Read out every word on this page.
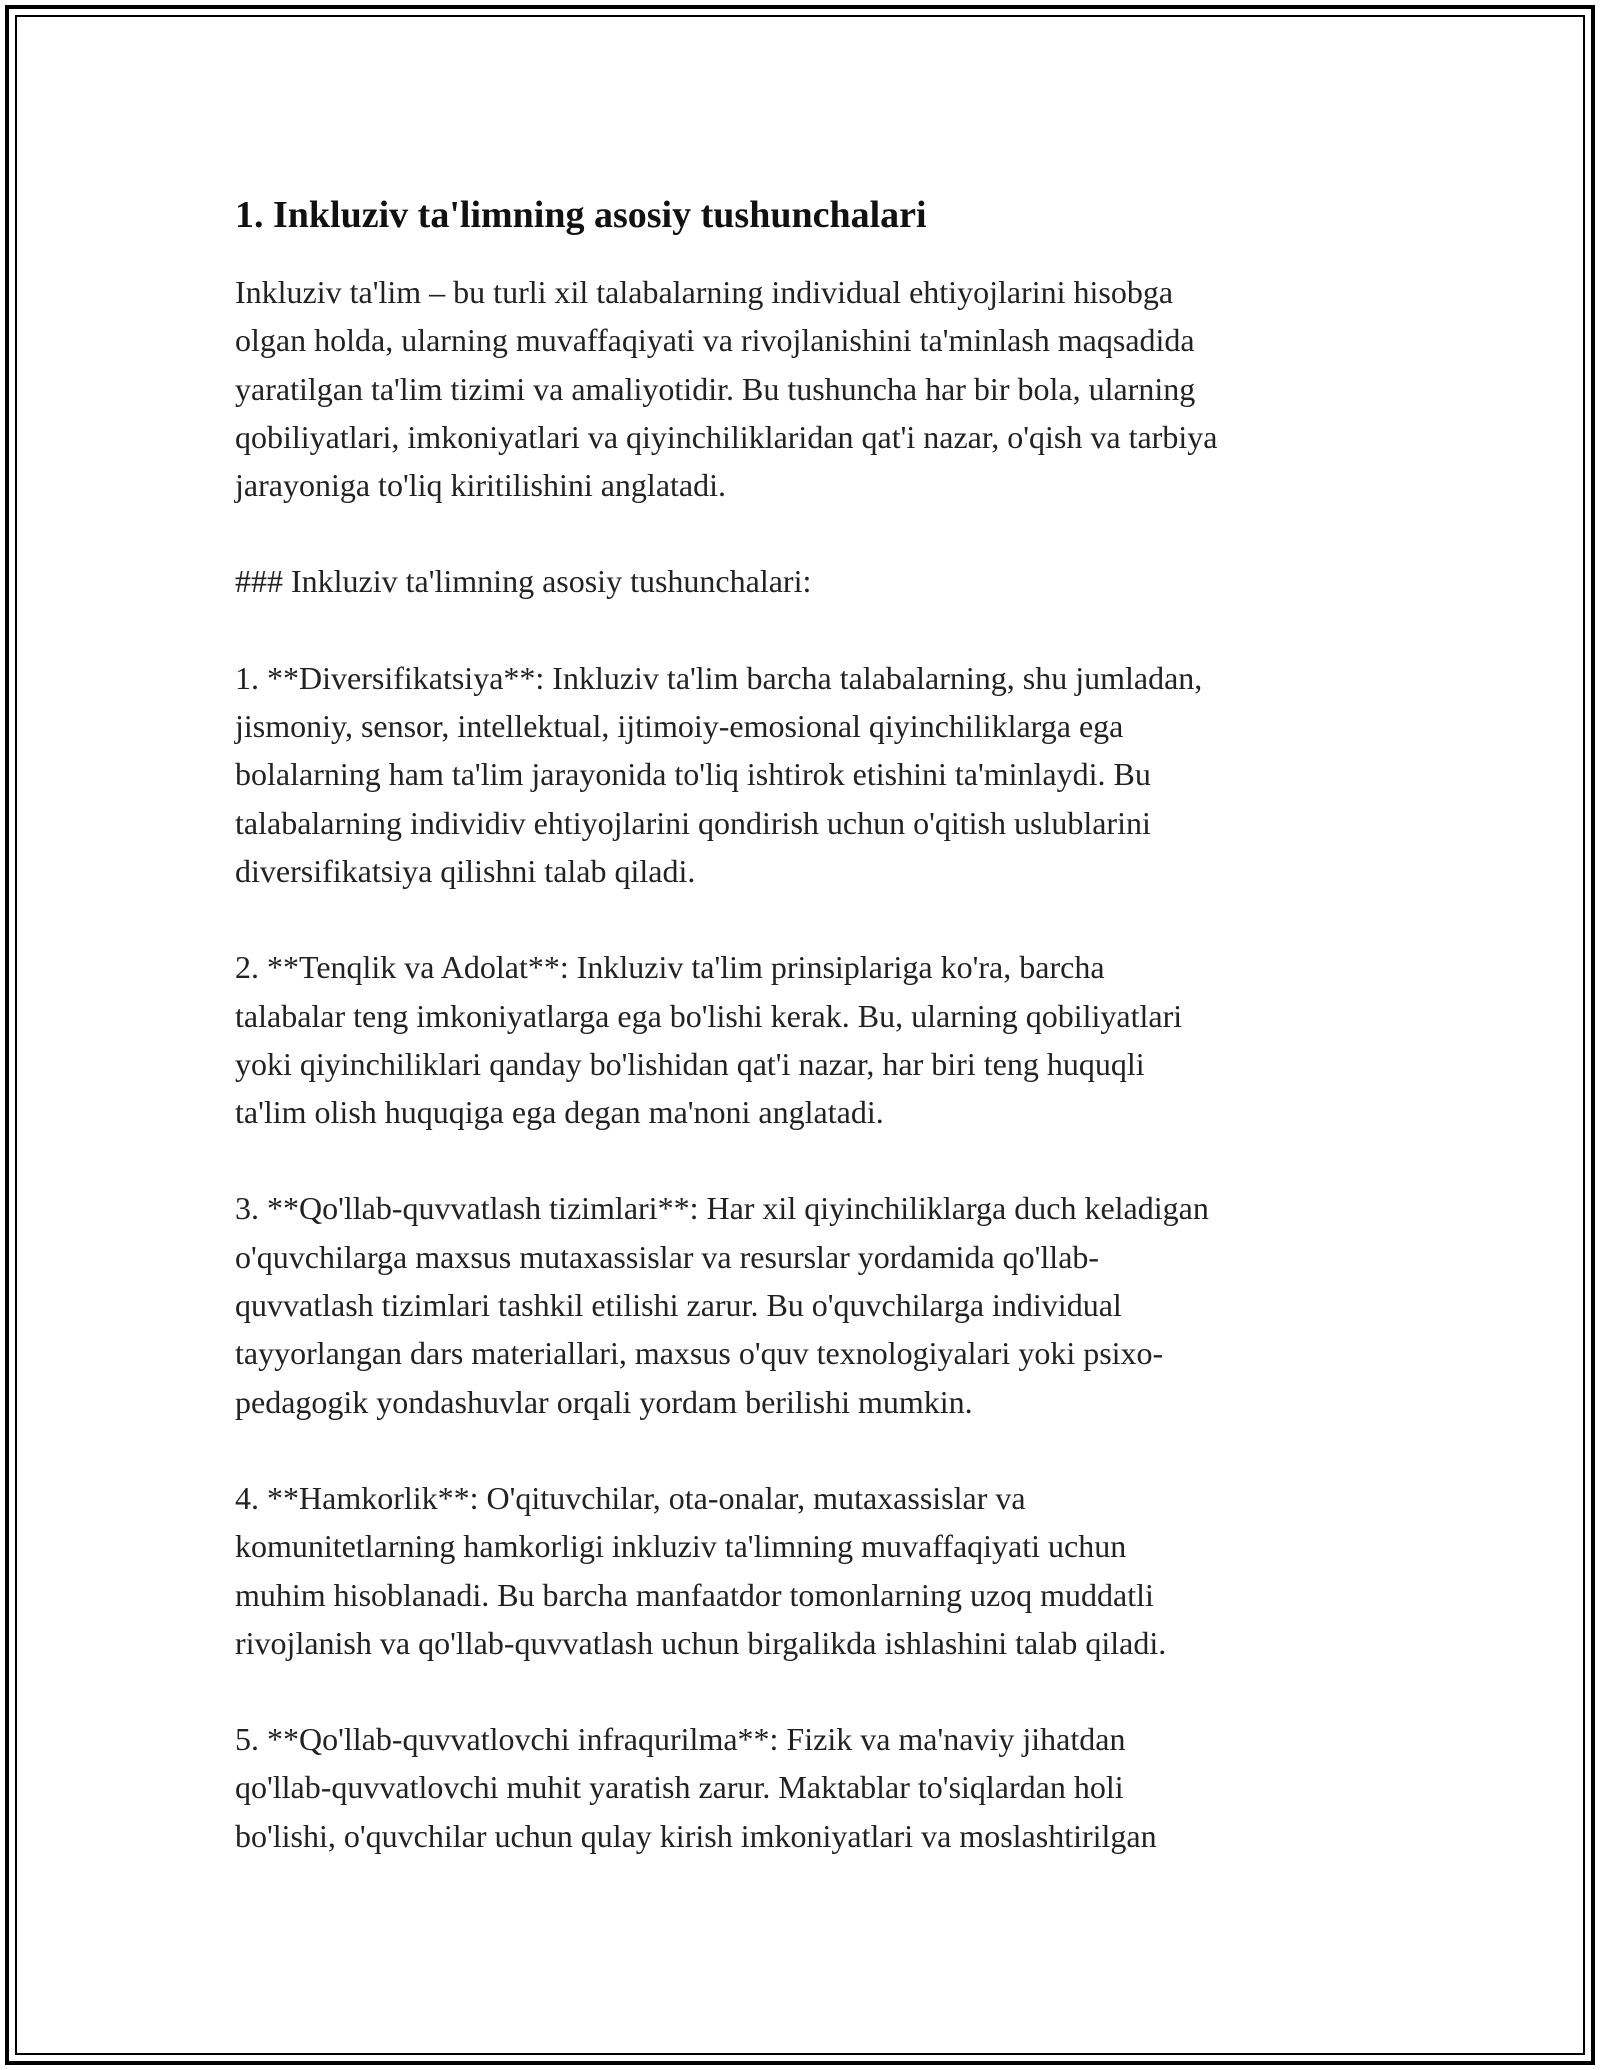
1. Inkluziv ta'limning asosiy tushunchalari

Inkluziv ta'lim – bu turli xil talabalarning individual ehtiyojlarini hisobga
olgan holda, ularning muvaffaqiyati va rivojlanishini ta'minlash maqsadida
yaratilgan ta'lim tizimi va amaliyotidir. Bu tushuncha har bir bola, ularning
qobiliyatlari, imkoniyatlari va qiyinchiliklaridan qat'i nazar, o'qish va tarbiya
jarayoniga to'liq kiritilishini anglatadi.

### Inkluziv ta'limning asosiy tushunchalari:

1. **Diversifikatsiya**: Inkluziv ta'lim barcha talabalarning, shu jumladan,
jismoniy, sensor, intellektual, ijtimoiy-emosional qiyinchiliklarga ega
bolalarning ham ta'lim jarayonida to'liq ishtirok etishini ta'minlaydi. Bu
talabalarning individiv ehtiyojlarini qondirish uchun o'qitish uslublarini
diversifikatsiya qilishni talab qiladi.

2. **Tenqlik va Adolat**: Inkluziv ta'lim prinsiplariga ko'ra, barcha
talabalar teng imkoniyatlarga ega bo'lishi kerak. Bu, ularning qobiliyatlari
yoki qiyinchiliklari qanday bo'lishidan qat'i nazar, har biri teng huquqli
ta'lim olish huquqiga ega degan ma'noni anglatadi.

3. **Qo'llab-quvvatlash tizimlari**: Har xil qiyinchiliklarga duch keladigan
o'quvchilarga maxsus mutaxassislar va resurslar yordamida qo'llab-
quvvatlash tizimlari tashkil etilishi zarur. Bu o'quvchilarga individual
tayyorlangan dars materiallari, maxsus o'quv texnologiyalari yoki psixo-
pedagogik yondashuvlar orqali yordam berilishi mumkin.

4. **Hamkorlik**: O'qituvchilar, ota-onalar, mutaxassislar va
komunitetlarning hamkorligi inkluziv ta'limning muvaffaqiyati uchun
muhim hisoblanadi. Bu barcha manfaatdor tomonlarning uzoq muddatli
rivojlanish va qo'llab-quvvatlash uchun birgalikda ishlashini talab qiladi.

5. **Qo'llab-quvvatlovchi infraqurilma**: Fizik va ma'naviy jihatdan
qo'llab-quvvatlovchi muhit yaratish zarur. Maktablar to'siqlardan holi
bo'lishi, o'quvchilar uchun qulay kirish imkoniyatlari va moslashtirilgan
